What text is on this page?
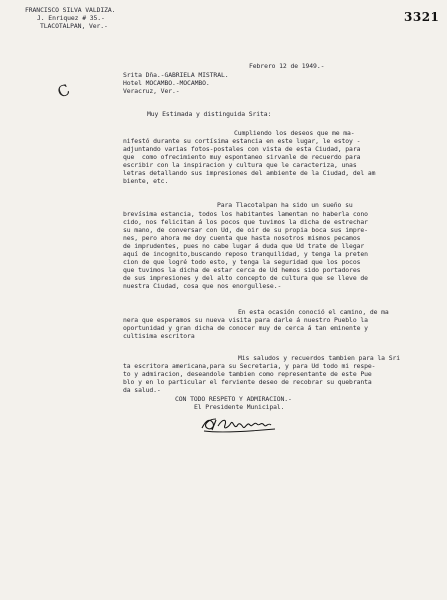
3321
FRANCISCO SILVA VALDIZA.
J. Enriquez # 35.-
TLACOTALPAN, Ver.-
Febrero 12 de 1949.-
Srita Dña.-GABRIELA MISTRAL.
Hotel MOCAMBO.-MOCAMBO.
Veracruz, Ver.-
C
Muy Estimada y distinguida Srita:
Cumpliendo los deseos que me ma-
nifestó durante su cortísima estancia en este lugar, le estoy -
adjuntando varias fotos-postales con vista de esta Ciudad, para
que  como ofrecimiento muy espontaneo sirvanle de recuerdo para
escribir con la inspiracion y cultura que le caracteriza, unas
letras detallando sus impresiones del ambiente de la Ciudad, del am
biente, etc.
Para Tlacotalpan ha sido un sueño su
brevísima estancia, todos los habitantes lamentan no haberla cono
cido, nos felicitan á los pocos que tuvimos la dicha de estrechar
su mano, de conversar con Ud, de oir de su propia boca sus impre-
nes, pero ahora me doy cuenta que hasta nosotros mismos pecamos
de imprudentes, pues no cabe lugar á duda que Ud trate de llegar
aquí de incognito,buscando reposo tranquilidad, y tenga la preten
cion de que logré todo esto, y tenga la seguridad que los pocos
que tuvimos la dicha de estar cerca de Ud hemos sido portadores
de sus impresiones y del alto concepto de cultura que se lleve de
nuestra Ciudad, cosa que nos enorgullese.-
En esta ocasión conoció el camino, de ma
nera que esperamos su nueva visita para darle á nuestro Pueblo la
oportunidad y gran dicha de conocer muy de cerca á tan eminente y
cultisima escritora
Mis saludos y recuerdos tambien para la Sri
ta escritora americana,para su Secretaria, y para Ud todo mi respe-
to y admiracion, deseandole tambien como representante de este Pue
blo y en lo particular el ferviente deseo de recobrar su quebranta
da salud.-
CON TODO RESPETO Y ADMIRACION.-
El Presidente Municipal.
